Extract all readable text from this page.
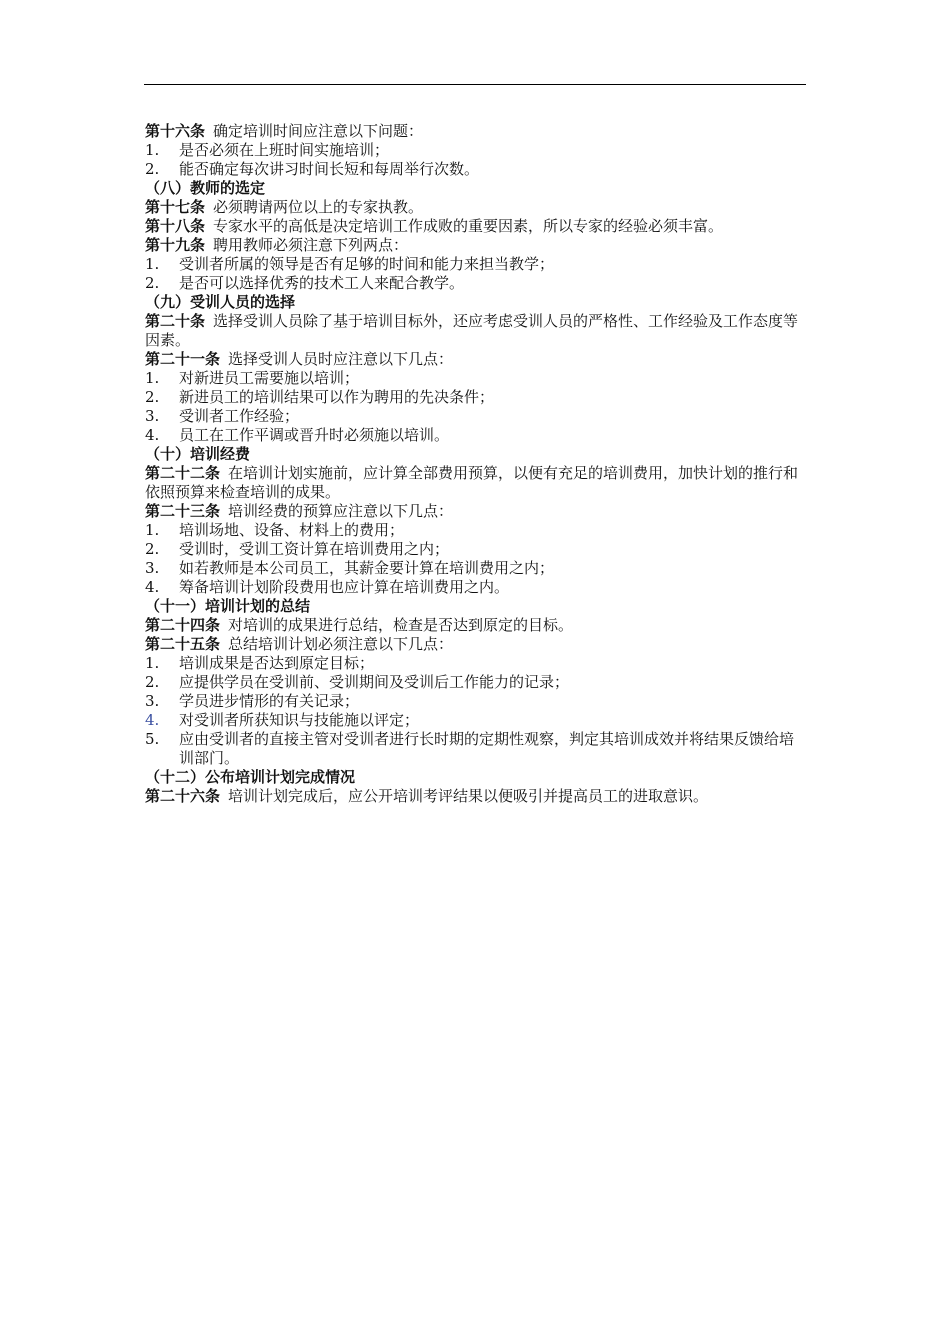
第十六条 确定培训时间应注意以下问题：
1.	是否必须在上班时间实施培训；
2.	能否确定每次讲习时间长短和每周举行次数。
（八）教师的选定
第十七条 必须聘请两位以上的专家执教。
第十八条 专家水平的高低是决定培训工作成败的重要因素，所以专家的经验必须丰富。
第十九条 聘用教师必须注意下列两点：
1.	受训者所属的领导是否有足够的时间和能力来担当教学；
2.	是否可以选择优秀的技术工人来配合教学。
（九）受训人员的选择
第二十条 选择受训人员除了基于培训目标外，还应考虑受训人员的严格性、工作经验及工作态度等因素。
第二十一条 选择受训人员时应注意以下几点：
1.	对新进员工需要施以培训；
2.	新进员工的培训结果可以作为聘用的先决条件；
3.	受训者工作经验；
4.	员工在工作平调或晋升时必须施以培训。
（十）培训经费
第二十二条 在培训计划实施前，应计算全部费用预算，以便有充足的培训费用，加快计划的推行和依照预算来检查培训的成果。
第二十三条 培训经费的预算应注意以下几点：
1.	培训场地、设备、材料上的费用；
2.	受训时，受训工资计算在培训费用之内；
3.	如若教师是本公司员工，其薪金要计算在培训费用之内；
4.	筹备培训计划阶段费用也应计算在培训费用之内。
（十一）培训计划的总结
第二十四条 对培训的成果进行总结，检查是否达到原定的目标。
第二十五条 总结培训计划必须注意以下几点：
1.	培训成果是否达到原定目标；
2.	应提供学员在受训前、受训期间及受训后工作能力的记录；
3.	学员进步情形的有关记录；
4.	对受训者所获知识与技能施以评定；
5.	应由受训者的直接主管对受训者进行长时期的定期性观察，判定其培训成效并将结果反馈给培训部门。
（十二）公布培训计划完成情况
第二十六条 培训计划完成后，应公开培训考评结果以便吸引并提高员工的进取意识。
